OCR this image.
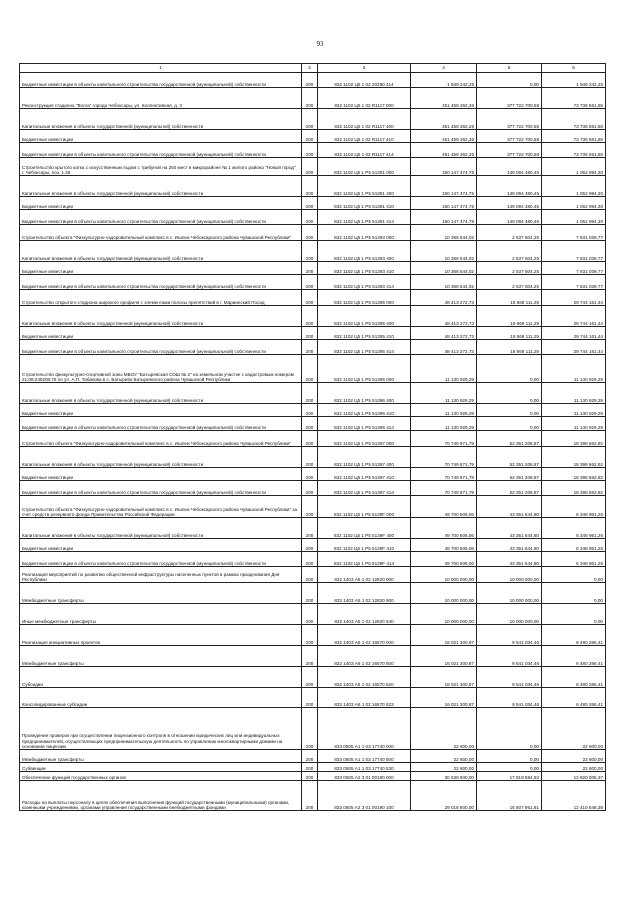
93
1	2	3	4	5	6
Бюджетные инвестиции в объекты капитального строительства государственной (муниципальной) собственности	200	832 1102 Ц5 1 02 20290 414	1 949 242,25	0,00	1 949 242,25
Реконструкция стадиона "Волга" города Чебоксары, ул. Коллективная, д. 3	200	832 1102 Ц5 1 02 R1117 000	451 459 262,26	377 722 700,58	73 736 561,68
Капитальные вложения в объекты государственной (муниципальной) собственности	200	832 1102 Ц5 1 02 R1117 400	451 459 262,26	377 722 700,58	73 736 561,68
Бюджетные инвестиции	200	832 1102 Ц5 1 02 R1117 410	451 459 262,26	377 722 700,58	73 736 561,68
Бюджетные инвестиции в объекты капитального строительства государственной (муниципальной) собственности	200	832 1102 Ц5 1 02 R1117 414	451 459 262,26	377 722 700,58	73 736 561,68
Строительство крытого катка с искусственным льдом с трибуной на 250 мест в микрорайоне № 1 жилого района "Новый город" г. Чебоксары, поз. 1.25	200	832 1102 Ц5 1 Р5 51391 000	150 147 474,75	149 094 480,45	1 052 994,30
Капитальные вложения в объекты государственной (муниципальной) собственности	200	832 1102 Ц5 1 Р5 51391 400	150 147 474,75	149 094 480,45	1 052 994,30
Бюджетные инвестиции	200	832 1102 Ц5 1 Р5 51391 410	150 147 474,75	149 094 480,45	1 052 994,30
Бюджетные инвестиции в объекты капитального строительства государственной (муниципальной) собственности	200	832 1102 Ц5 1 Р5 51391 414	150 147 474,75	149 094 480,45	1 052 994,30
Строительство объекта "Физкультурно-оздоровительный комплекс в с. Ишлеи Чебоксарского района Чувашской Республики"	200	832 1102 Ц5 1 Р5 51393 000	10 368 544,02	2 537 504,25	7 831 039,77
Капитальные вложения в объекты государственной (муниципальной) собственности	200	832 1102 Ц5 1 Р5 51393 400	10 368 544,02	2 537 504,25	7 831 039,77
Бюджетные инвестиции	200	832 1102 Ц5 1 Р5 51393 410	10 368 544,02	2 537 504,25	7 831 039,77
Бюджетные инвестиции в объекты капитального строительства государственной (муниципальной) собственности	200	832 1102 Ц5 1 Р5 51393 414	10 368 544,02	2 537 504,25	7 831 039,77
Строительство открытого стадиона широкого профиля с элементами полосы препятствий в г. Мариинский Посад	200	832 1102 Ц5 1 Р5 51395 000	48 413 272,73	18 669 111,29	29 744 161,44
Капитальные вложения в объекты государственной (муниципальной) собственности	200	832 1102 Ц5 1 Р5 51395 400	48 413 272,73	18 669 111,29	29 744 161,44
Бюджетные инвестиции	200	832 1102 Ц5 1 Р5 51395 410	48 413 272,73	18 669 111,29	29 744 161,44
Бюджетные инвестиции в объекты капитального строительства государственной (муниципальной) собственности	200	832 1102 Ц5 1 Р5 51395 414	48 413 272,73	18 669 111,29	29 744 161,44
Строительство физкультурно-спортивной зоны МБОУ "Батыревская СОШ № 2" на земельном участке с кадастровым номером 21:08:240206:78 по ул. А.П. Табакова в с. Батырево Батыревского района Чувашской Республики	200	832 1102 Ц5 1 Р5 51396 000	11 130 929,29	0,00	11 130 929,29
Капитальные вложения в объекты государственной (муниципальной) собственности	200	832 1102 Ц5 1 Р5 51396 400	11 130 929,29	0,00	11 130 929,29
Бюджетные инвестиции	200	832 1102 Ц5 1 Р5 51396 410	11 130 929,29	0,00	11 130 929,29
Бюджетные инвестиции в объекты капитального строительства государственной (муниципальной) собственности	200	832 1102 Ц5 1 Р5 51396 414	11 130 929,29	0,00	11 130 929,29
Строительство объекта "Физкультурно-оздоровительный комплекс в с. Ишлеи Чебоксарского района Чувашской Республики"	200	832 1102 Ц5 1 Р5 51397 000	70 749 871,79	52 351 208,87	18 398 662,92
Капитальные вложения в объекты государственной (муниципальной) собственности	200	832 1102 Ц5 1 Р5 51397 400	70 749 871,79	52 351 208,87	18 398 662,92
Бюджетные инвестиции	200	832 1102 Ц5 1 Р5 51397 410	70 749 871,79	52 351 208,87	18 398 662,92
Бюджетные инвестиции в объекты капитального строительства государственной (муниципальной) собственности	200	832 1102 Ц5 1 Р5 51397 414	70 749 871,79	52 351 208,87	18 398 662,92
Строительство объекта "Физкультурно-оздоровительный комплекс в с. Ишлеи Чебоксарского района Чувашской Республики" за счет средств резервного фонда Правительства Российской Федерации	200	832 1102 Ц5 1 Р5 5139F 000	49 700 606,06	43 351 644,80	6 348 961,26
Капитальные вложения в объекты государственной (муниципальной) собственности	200	832 1102 Ц5 1 Р5 5139F 400	49 700 606,06	43 351 644,80	6 348 961,26
Бюджетные инвестиции	200	832 1102 Ц5 1 Р5 5139F 410	49 700 606,06	43 351 644,80	6 348 961,26
Бюджетные инвестиции в объекты капитального строительства государственной (муниципальной) собственности	200	832 1102 Ц5 1 Р5 5139F 414	49 700 606,06	43 351 644,80	6 348 961,26
Реализация мероприятий по развитию общественной инфраструктуры населенных пунктов в рамках празднования Дня Республики	200	832 1403 А5 1 02 12820 000	10 000 000,00	10 000 000,00	0,00
Межбюджетные трансферты	200	832 1403 А5 1 02 12820 500	10 000 000,00	10 000 000,00	0,00
Иные межбюджетные трансферты	200	832 1403 А5 1 02 12820 540	10 000 000,00	10 000 000,00	0,00
Реализация инициативных проектов	200	832 1403 А6 1 02 16570 000	16 021 300,87	9 541 034,46	6 480 266,41
Межбюджетные трансферты	200	832 1403 А6 1 02 16570 500	16 021 300,87	9 541 034,46	6 480 266,41
Субсидии	200	832 1403 А6 1 02 16570 520	16 021 300,87	9 541 034,46	6 480 266,41
Консолидированные субсидии	200	832 1403 А6 1 02 16570 523	16 021 300,87	9 541 034,46	6 480 266,41
Проведение проверок при осуществлении лицензионного контроля в отношении юридических лиц или индивидуальных предпринимателей, осуществляющих предпринимательскую деятельность по управлению многоквартирными домами на основании лицензии	200	833 0505 А1 1 03 17740 000	22 600,00	0,00	22 600,00
Межбюджетные трансферты	200	833 0505 А1 1 03 17740 500	22 600,00	0,00	22 600,00
Субвенции	200	833 0505 А1 1 03 17740 530	22 600,00	0,00	22 600,00
Обеспечение функций государственных органов	200	833 0505 А2 3 01 00190 000	30 639 600,00	17 819 594,63	12 820 005,37
Расходы на выплаты персоналу в целях обеспечения выполнения функций государственными (муниципальными) органами, казенными учреждениями, органами управления государственными внебюджетными фондами	200	833 0505 А2 3 01 00190 100	29 018 800,00	16 607 951,61	12 410 848,39
